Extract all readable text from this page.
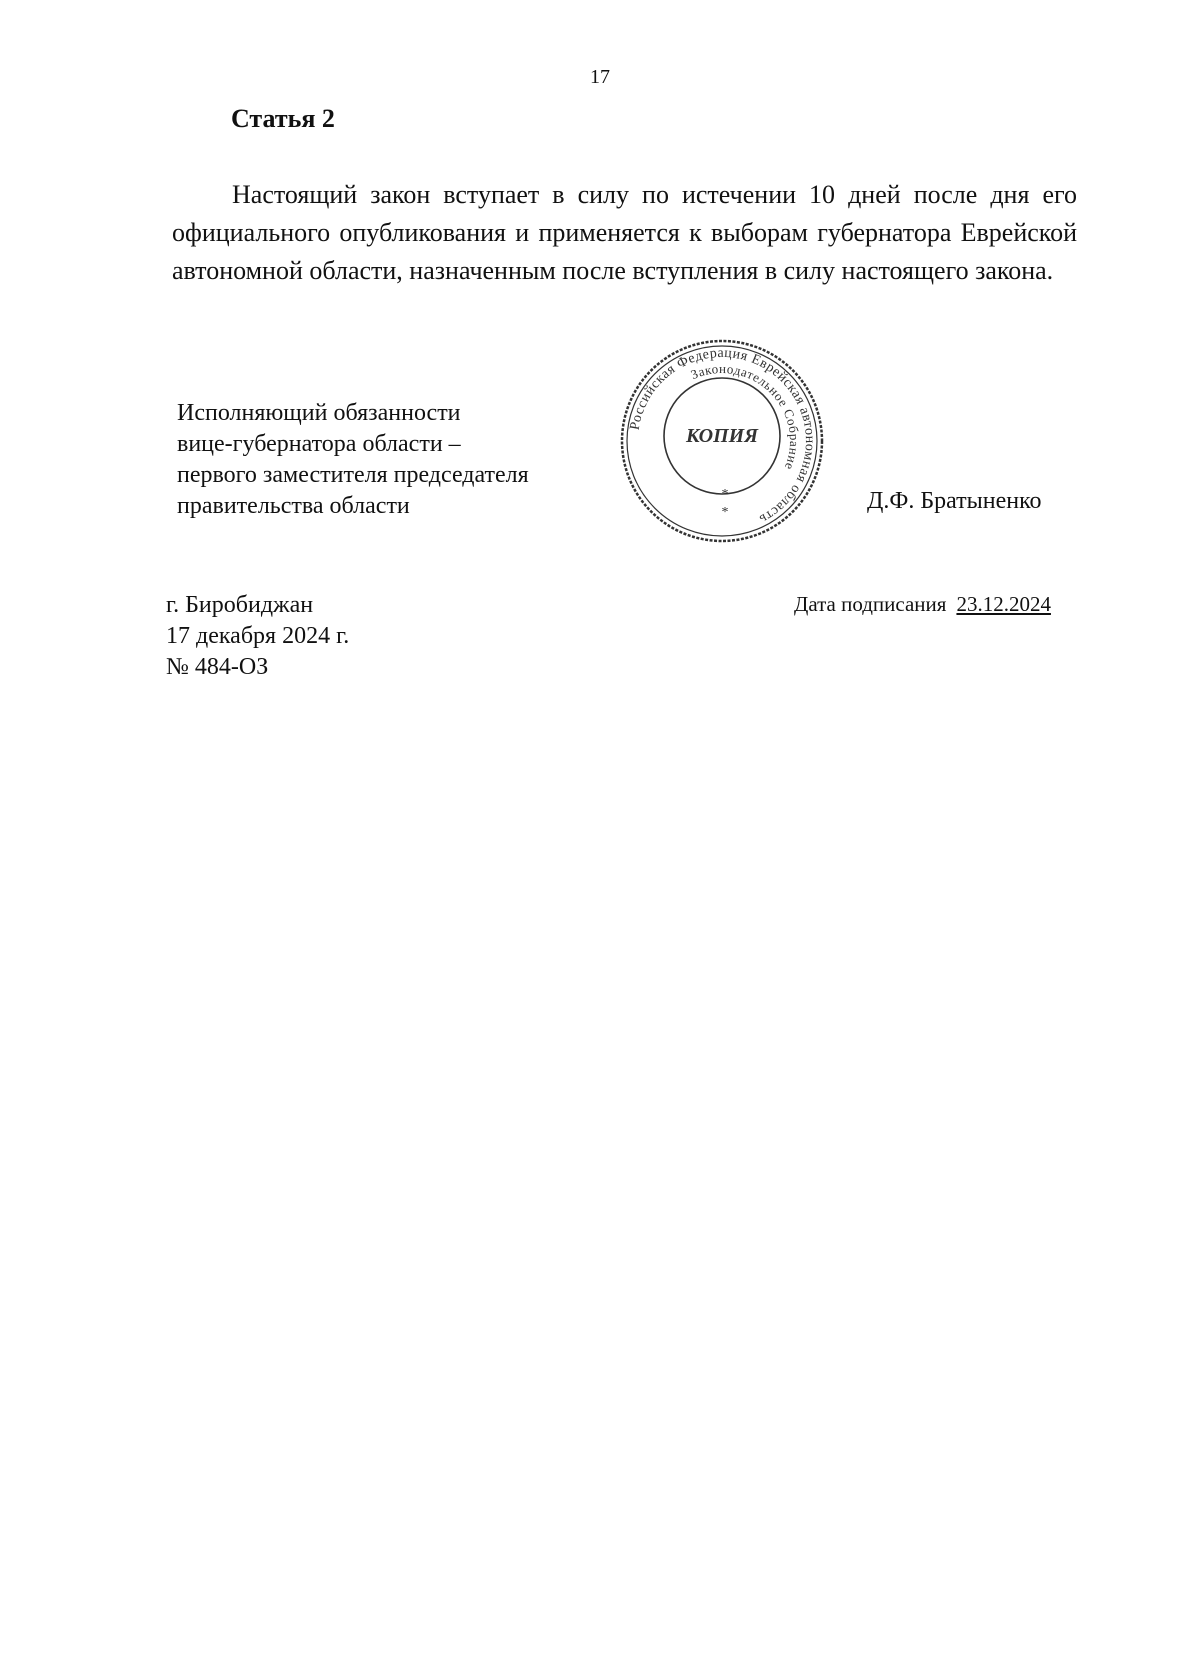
17
Статья 2

Настоящий закон вступает в силу по истечении 10 дней после дня его официального опубликования и применяется к выборам губернатора Еврейской автономной области, назначенным после вступления в силу настоящего закона.

Исполняющий обязанности
вице-губернатора области –
первого заместителя председателя
правительства области
Российская Федерация Еврейская автономная область
Законодательное Собрание
КОПИЯ
*
*	Д.Ф. Братыненко
г. Биробиджан
17 декабря 2024 г.
№ 484-ОЗ
Дата подписания 23.12.2024
